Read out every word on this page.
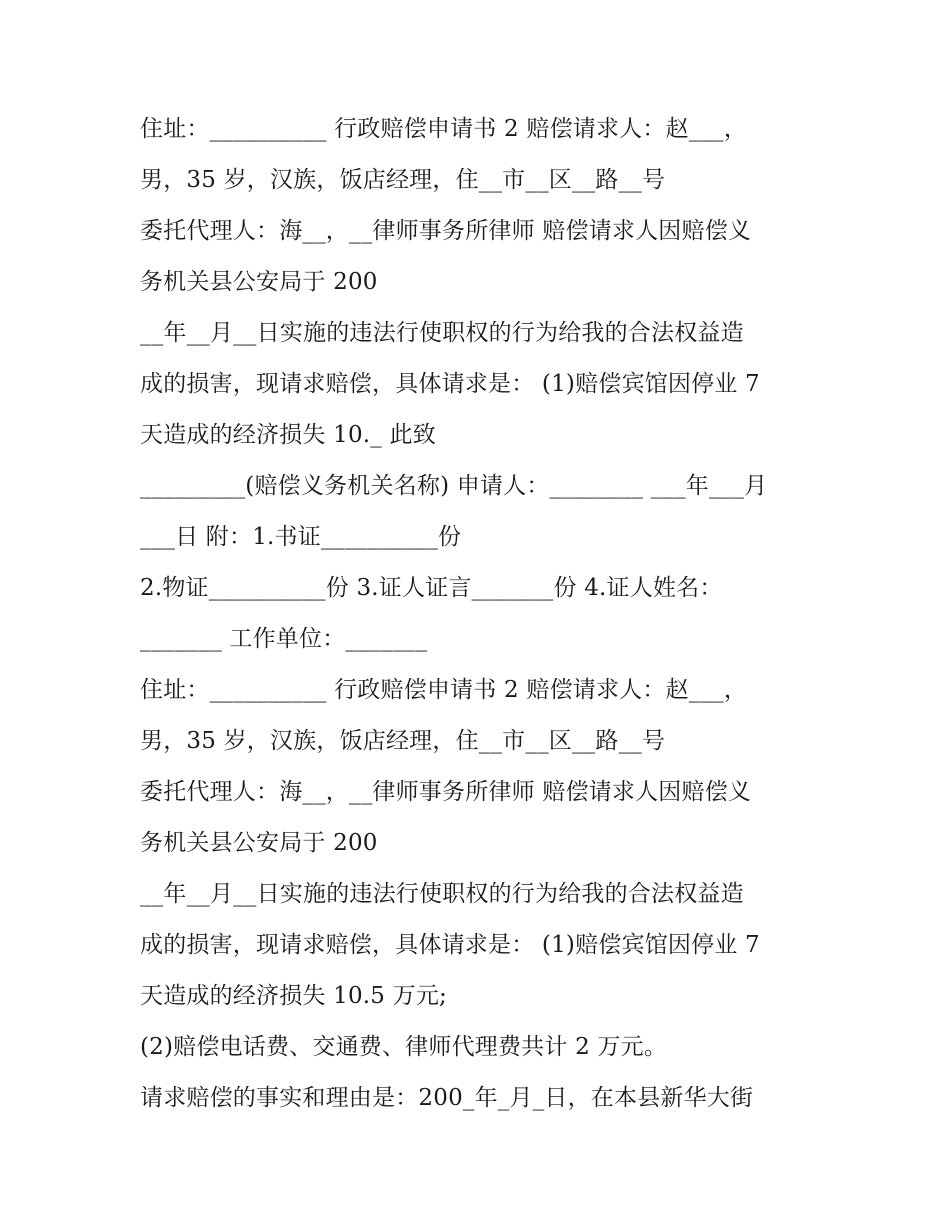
住址：__________ 行政赔偿申请书 2 赔偿请求人：赵___，
男，35 岁，汉族，饭店经理，住__市__区__路__号
委托代理人：海__，__律师事务所律师 赔偿请求人因赔偿义
务机关县公安局于 200
__年__月__日实施的违法行使职权的行为给我的合法权益造
成的损害，现请求赔偿，具体请求是： (1)赔偿宾馆因停业 7
天造成的经济损失 10._ 此致
_________(赔偿义务机关名称) 申请人：________ ___年___月
___日 附：1.书证__________份
2.物证__________份 3.证人证言_______份 4.证人姓名：
_______ 工作单位：_______
住址：__________ 行政赔偿申请书 2 赔偿请求人：赵___，
男，35 岁，汉族，饭店经理，住__市__区__路__号
委托代理人：海__，__律师事务所律师 赔偿请求人因赔偿义
务机关县公安局于 200
__年__月__日实施的违法行使职权的行为给我的合法权益造
成的损害，现请求赔偿，具体请求是： (1)赔偿宾馆因停业 7
天造成的经济损失 10.5 万元;
(2)赔偿电话费、交通费、律师代理费共计 2 万元。
请求赔偿的事实和理由是：200_年_月_日，在本县新华大街
